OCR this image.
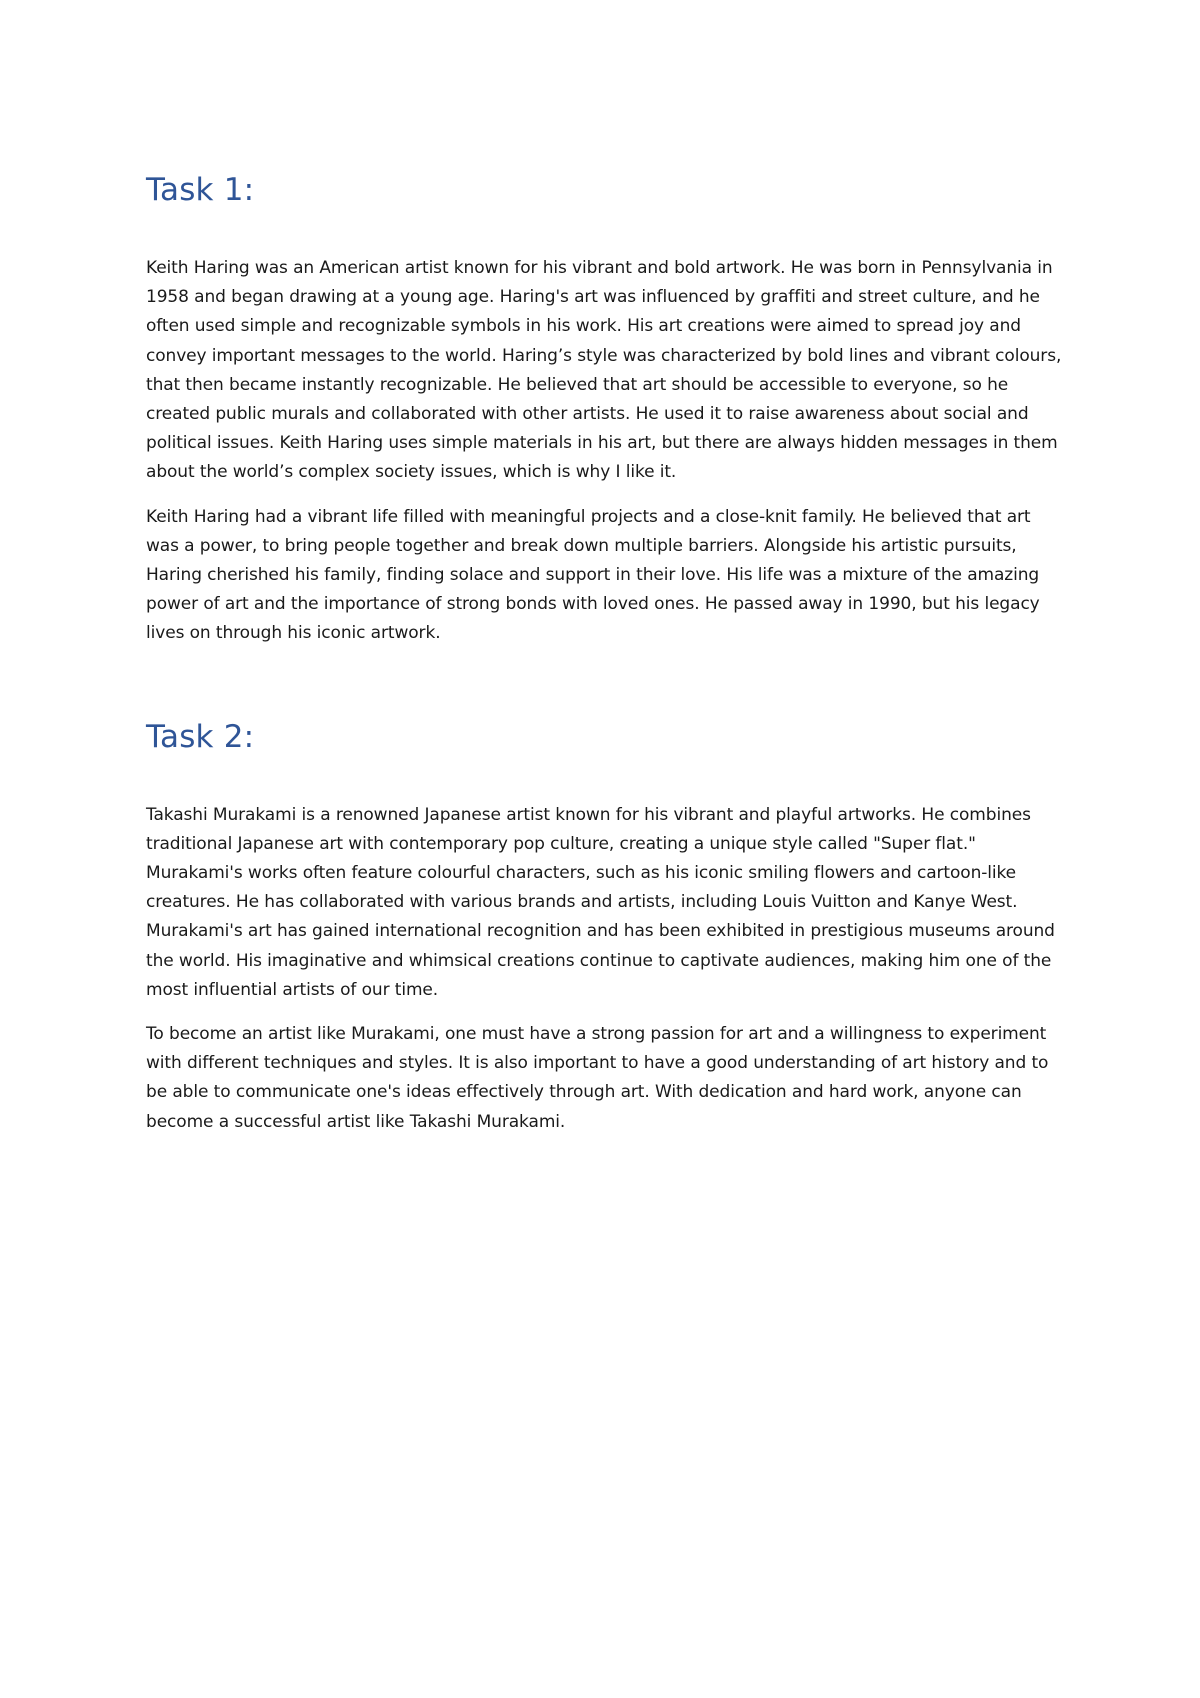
Task 1:

Keith Haring was an American artist known for his vibrant and bold artwork. He was born in Pennsylvania in 1958 and began drawing at a young age. Haring's art was influenced by graffiti and street culture, and he often used simple and recognizable symbols in his work. His art creations were aimed to spread joy and convey important messages to the world. Haring’s style was characterized by bold lines and vibrant colours, that then became instantly recognizable. He believed that art should be accessible to everyone, so he created public murals and collaborated with other artists. He used it to raise awareness about social and political issues. Keith Haring uses simple materials in his art, but there are always hidden messages in them about the world’s complex society issues, which is why I like it.

Keith Haring had a vibrant life filled with meaningful projects and a close-knit family. He believed that art was a power, to bring people together and break down multiple barriers. Alongside his artistic pursuits, Haring cherished his family, finding solace and support in their love. His life was a mixture of the amazing power of art and the importance of strong bonds with loved ones. He passed away in 1990, but his legacy lives on through his iconic artwork.

Task 2:

Takashi Murakami is a renowned Japanese artist known for his vibrant and playful artworks. He combines traditional Japanese art with contemporary pop culture, creating a unique style called "Super flat." Murakami's works often feature colourful characters, such as his iconic smiling flowers and cartoon-like creatures. He has collaborated with various brands and artists, including Louis Vuitton and Kanye West. Murakami's art has gained international recognition and has been exhibited in prestigious museums around the world. His imaginative and whimsical creations continue to captivate audiences, making him one of the most influential artists of our time.

To become an artist like Murakami, one must have a strong passion for art and a willingness to experiment with different techniques and styles. It is also important to have a good understanding of art history and to be able to communicate one's ideas effectively through art. With dedication and hard work, anyone can become a successful artist like Takashi Murakami.
